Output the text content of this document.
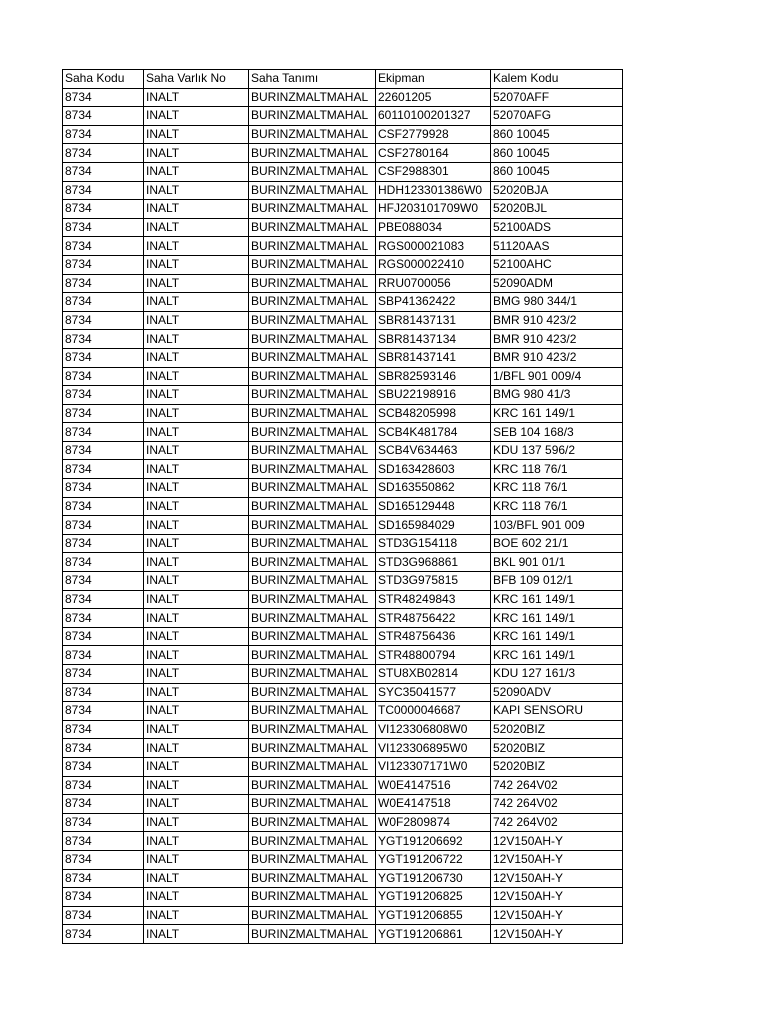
Saha Kodu	Saha Varlık No	Saha Tanımı	Ekipman	Kalem Kodu
8734	INALT	BURINZMALTMAHAL	22601205	52070AFF
8734	INALT	BURINZMALTMAHAL	60110100201327	52070AFG
8734	INALT	BURINZMALTMAHAL	CSF2779928	860 10045
8734	INALT	BURINZMALTMAHAL	CSF2780164	860 10045
8734	INALT	BURINZMALTMAHAL	CSF2988301	860 10045
8734	INALT	BURINZMALTMAHAL	HDH123301386W0	52020BJA
8734	INALT	BURINZMALTMAHAL	HFJ203101709W0	52020BJL
8734	INALT	BURINZMALTMAHAL	PBE088034	52100ADS
8734	INALT	BURINZMALTMAHAL	RGS000021083	51120AAS
8734	INALT	BURINZMALTMAHAL	RGS000022410	52100AHC
8734	INALT	BURINZMALTMAHAL	RRU0700056	52090ADM
8734	INALT	BURINZMALTMAHAL	SBP41362422	BMG 980 344/1
8734	INALT	BURINZMALTMAHAL	SBR81437131	BMR 910 423/2
8734	INALT	BURINZMALTMAHAL	SBR81437134	BMR 910 423/2
8734	INALT	BURINZMALTMAHAL	SBR81437141	BMR 910 423/2
8734	INALT	BURINZMALTMAHAL	SBR82593146	1/BFL 901 009/4
8734	INALT	BURINZMALTMAHAL	SBU22198916	BMG 980 41/3
8734	INALT	BURINZMALTMAHAL	SCB48205998	KRC 161 149/1
8734	INALT	BURINZMALTMAHAL	SCB4K481784	SEB 104 168/3
8734	INALT	BURINZMALTMAHAL	SCB4V634463	KDU 137 596/2
8734	INALT	BURINZMALTMAHAL	SD163428603	KRC 118 76/1
8734	INALT	BURINZMALTMAHAL	SD163550862	KRC 118 76/1
8734	INALT	BURINZMALTMAHAL	SD165129448	KRC 118 76/1
8734	INALT	BURINZMALTMAHAL	SD165984029	103/BFL 901 009
8734	INALT	BURINZMALTMAHAL	STD3G154118	BOE 602 21/1
8734	INALT	BURINZMALTMAHAL	STD3G968861	BKL 901 01/1
8734	INALT	BURINZMALTMAHAL	STD3G975815	BFB 109 012/1
8734	INALT	BURINZMALTMAHAL	STR48249843	KRC 161 149/1
8734	INALT	BURINZMALTMAHAL	STR48756422	KRC 161 149/1
8734	INALT	BURINZMALTMAHAL	STR48756436	KRC 161 149/1
8734	INALT	BURINZMALTMAHAL	STR48800794	KRC 161 149/1
8734	INALT	BURINZMALTMAHAL	STU8XB02814	KDU 127 161/3
8734	INALT	BURINZMALTMAHAL	SYC35041577	52090ADV
8734	INALT	BURINZMALTMAHAL	TC0000046687	KAPI SENSORU
8734	INALT	BURINZMALTMAHAL	VI123306808W0	52020BIZ
8734	INALT	BURINZMALTMAHAL	VI123306895W0	52020BIZ
8734	INALT	BURINZMALTMAHAL	VI123307171W0	52020BIZ
8734	INALT	BURINZMALTMAHAL	W0E4147516	742 264V02
8734	INALT	BURINZMALTMAHAL	W0E4147518	742 264V02
8734	INALT	BURINZMALTMAHAL	W0F2809874	742 264V02
8734	INALT	BURINZMALTMAHAL	YGT191206692	12V150AH-Y
8734	INALT	BURINZMALTMAHAL	YGT191206722	12V150AH-Y
8734	INALT	BURINZMALTMAHAL	YGT191206730	12V150AH-Y
8734	INALT	BURINZMALTMAHAL	YGT191206825	12V150AH-Y
8734	INALT	BURINZMALTMAHAL	YGT191206855	12V150AH-Y
8734	INALT	BURINZMALTMAHAL	YGT191206861	12V150AH-Y
